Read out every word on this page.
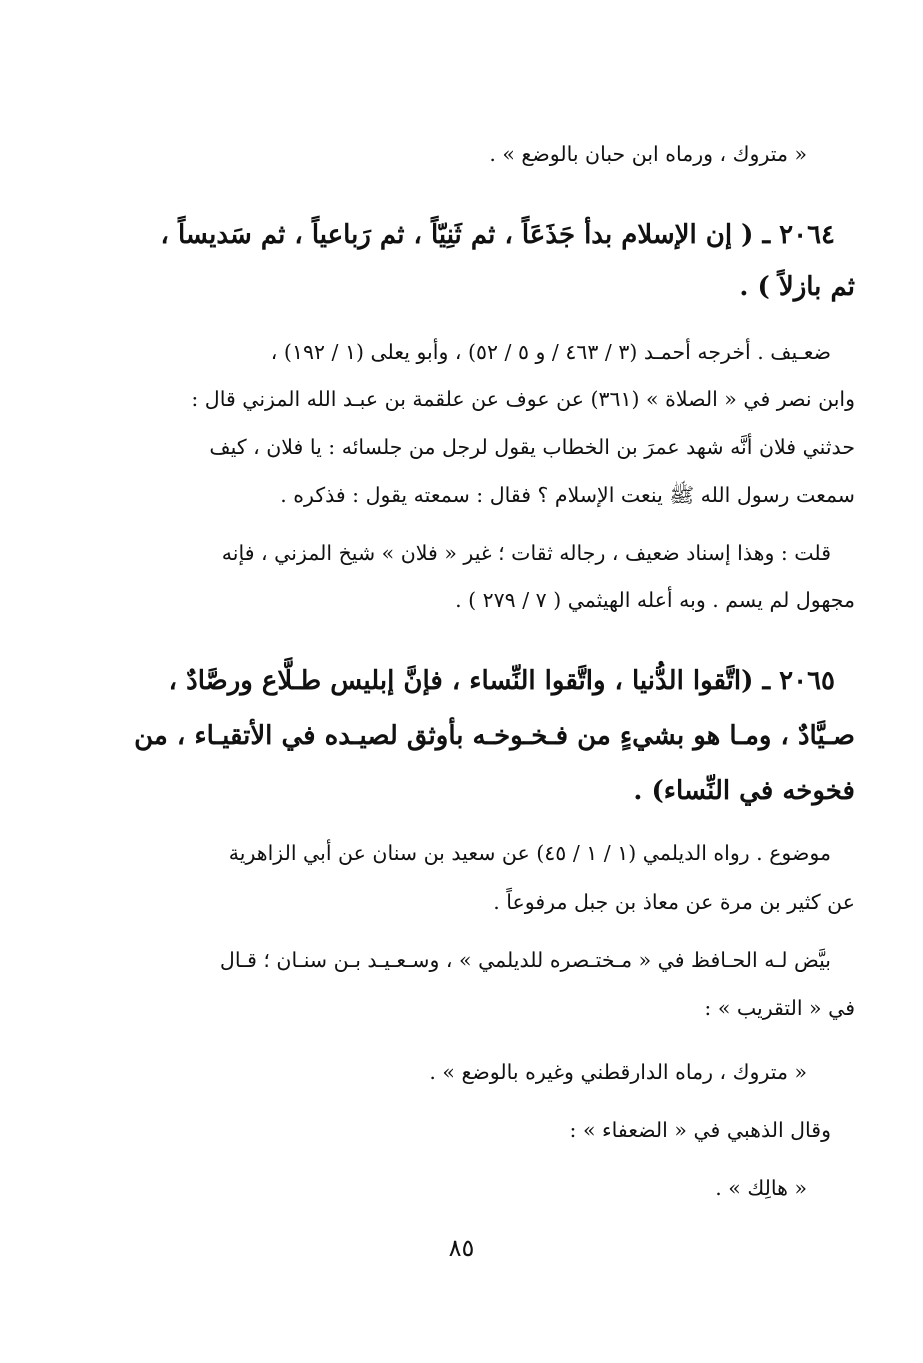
« متروك ، ورماه ابن حبان بالوضع » .
٢٠٦٤ ـ ( إن الإسلام بدأ جَذَعَاً ، ثم ثَنِيّاً ، ثم رَباعياً ، ثم سَديساً ،
ثم بازلاً ) .
ضعـيف . أخرجه أحمـد (٣ / ٤٦٣ / و ٥ / ٥٢) ، وأبو يعلى (١ / ١٩٢) ،
وابن نصر في « الصلاة » (٣٦١) عن عوف عن علقمة بن عبـد الله المزني قال :
حدثني فلان أنَّه شهد عمرَ بن الخطاب يقول لرجل من جلسائه : يا فلان ، كيف
سمعت رسول الله ﷺ ينعت الإسلام ؟ فقال : سمعته يقول : فذكره .
قلت : وهذا إسناد ضعيف ، رجاله ثقات ؛ غير « فلان » شيخ المزني ، فإنه
مجهول لم يسم . وبه أعله الهيثمي ( ٧ / ٢٧٩ ) .
٢٠٦٥ ـ (اتَّقوا الدُّنيا ، واتَّقوا النِّساء ، فإنَّ إبليس طـلَّاع ورصَّادٌ ،
صـيَّادٌ ، ومـا هو بشيءٍ من فـخـوخـه بأوثق لصيـده في الأتقيـاء ، من
فخوخه في النِّساء) .
موضوع . رواه الديلمي (١ / ١ / ٤٥) عن سعيد بن سنان عن أبي الزاهرية
عن كثير بن مرة عن معاذ بن جبل مرفوعاً .
بيَّض لـه الحـافظ في « مـختـصره للديلمي » ، وسـعـيـد بـن سنـان ؛ قـال
في « التقريب » :
« متروك ، رماه الدارقطني وغيره بالوضع » .
وقال الذهبي في « الضعفاء » :
« هالِك » .
٨٥
